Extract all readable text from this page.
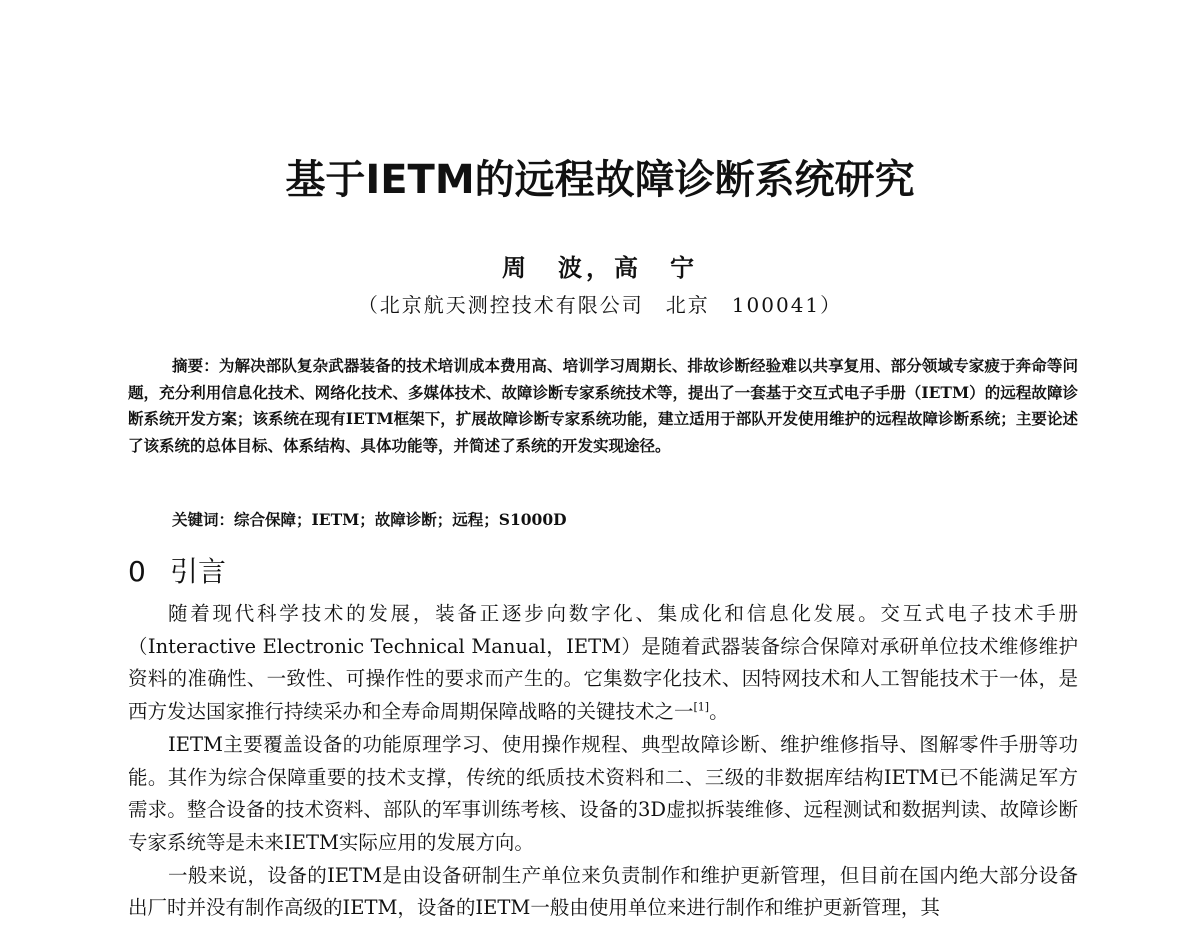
基于IETM的远程故障诊断系统研究
周　波，高　宁
（北京航天测控技术有限公司　北京　100041）
摘要：为解决部队复杂武器装备的技术培训成本费用高、培训学习周期长、排故诊断经验难以共享复用、部分领域专家疲于奔命等问题，充分利用信息化技术、网络化技术、多媒体技术、故障诊断专家系统技术等，提出了一套基于交互式电子手册（IETM）的远程故障诊断系统开发方案；该系统在现有IETM框架下，扩展故障诊断专家系统功能，建立适用于部队开发使用维护的远程故障诊断系统；主要论述了该系统的总体目标、体系结构、具体功能等，并简述了系统的开发实现途径。
关键词：综合保障；IETM；故障诊断；远程；S1000D
0 引言

随着现代科学技术的发展，装备正逐步向数字化、集成化和信息化发展。交互式电子技术手册（Interactive Electronic Technical Manual，IETM）是随着武器装备综合保障对承研单位技术维修维护资料的准确性、一致性、可操作性的要求而产生的。它集数字化技术、因特网技术和人工智能技术于一体，是西方发达国家推行持续采办和全寿命周期保障战略的关键技术之一[1]。

IETM主要覆盖设备的功能原理学习、使用操作规程、典型故障诊断、维护维修指导、图解零件手册等功能。其作为综合保障重要的技术支撑，传统的纸质技术资料和二、三级的非数据库结构IETM已不能满足军方需求。整合设备的技术资料、部队的军事训练考核、设备的3D虚拟拆装维修、远程测试和数据判读、故障诊断专家系统等是未来IETM实际应用的发展方向。

一般来说，设备的IETM是由设备研制生产单位来负责制作和维护更新管理，但目前在国内绝大部分设备出厂时并没有制作高级的IETM，设备的IETM一般由使用单位来进行制作和维护更新管理，其
